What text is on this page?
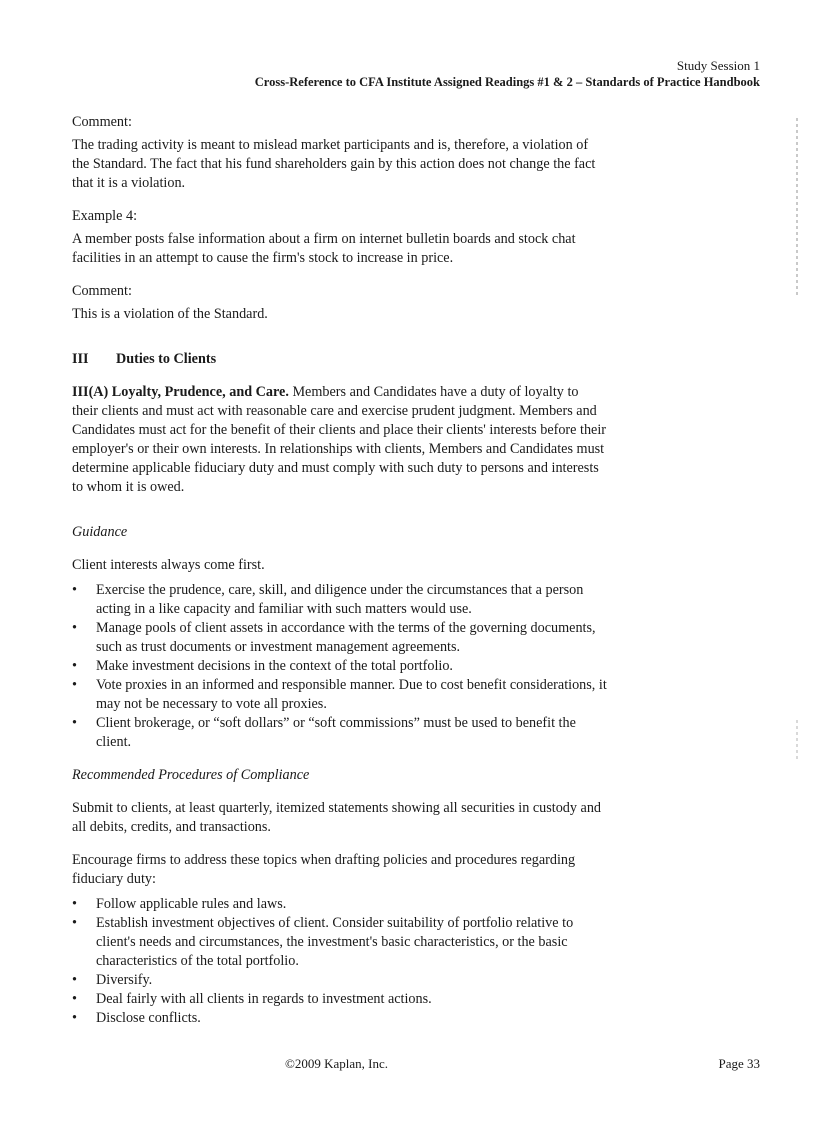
Study Session 1
Cross-Reference to CFA Institute Assigned Readings #1 & 2 – Standards of Practice Handbook

Comment:

The trading activity is meant to mislead market participants and is, therefore, a violation of the Standard. The fact that his fund shareholders gain by this action does not change the fact that it is a violation.

Example 4:

A member posts false information about a firm on internet bulletin boards and stock chat facilities in an attempt to cause the firm's stock to increase in price.

Comment:

This is a violation of the Standard.

III Duties to Clients

III(A) Loyalty, Prudence, and Care. Members and Candidates have a duty of loyalty to their clients and must act with reasonable care and exercise prudent judgment. Members and Candidates must act for the benefit of their clients and place their clients' interests before their employer's or their own interests. In relationships with clients, Members and Candidates must determine applicable fiduciary duty and must comply with such duty to persons and interests to whom it is owed.

Guidance

Client interests always come first.

• Exercise the prudence, care, skill, and diligence under the circumstances that a person acting in a like capacity and familiar with such matters would use.
• Manage pools of client assets in accordance with the terms of the governing documents, such as trust documents or investment management agreements.
• Make investment decisions in the context of the total portfolio.
• Vote proxies in an informed and responsible manner. Due to cost benefit considerations, it may not be necessary to vote all proxies.
• Client brokerage, or “soft dollars” or “soft commissions” must be used to benefit the client.

Recommended Procedures of Compliance

Submit to clients, at least quarterly, itemized statements showing all securities in custody and all debits, credits, and transactions.

Encourage firms to address these topics when drafting policies and procedures regarding fiduciary duty:

• Follow applicable rules and laws.
• Establish investment objectives of client. Consider suitability of portfolio relative to client's needs and circumstances, the investment's basic characteristics, or the basic characteristics of the total portfolio.
• Diversify.
• Deal fairly with all clients in regards to investment actions.
• Disclose conflicts.
©2009 Kaplan, Inc.	Page 33
